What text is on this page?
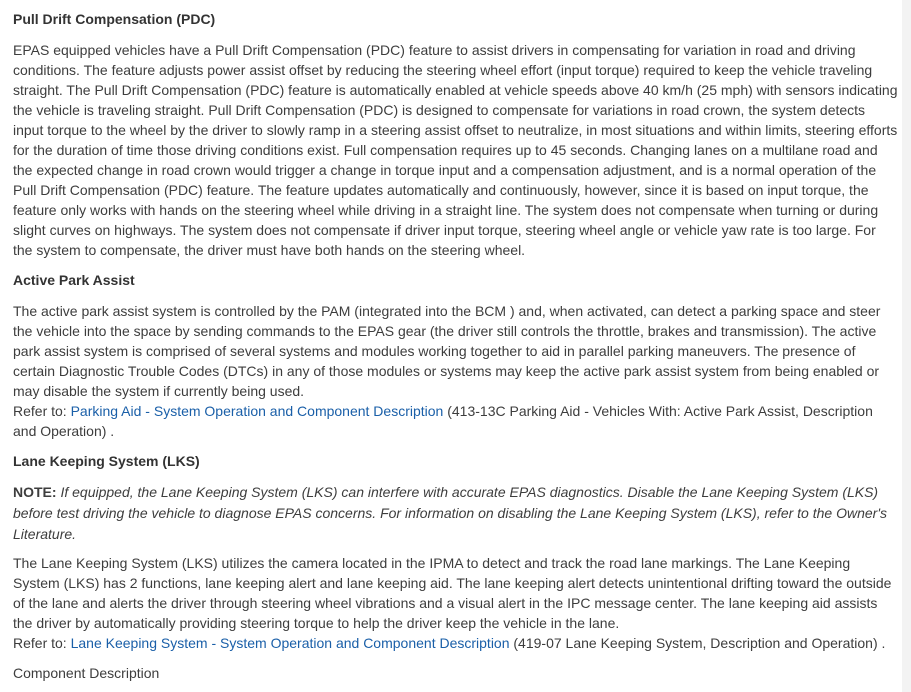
Pull Drift Compensation (PDC)

EPAS equipped vehicles have a Pull Drift Compensation (PDC) feature to assist drivers in compensating for variation in road and driving conditions. The feature adjusts power assist offset by reducing the steering wheel effort (input torque) required to keep the vehicle traveling straight. The Pull Drift Compensation (PDC) feature is automatically enabled at vehicle speeds above 40 km/h (25 mph) with sensors indicating the vehicle is traveling straight. Pull Drift Compensation (PDC) is designed to compensate for variations in road crown, the system detects input torque to the wheel by the driver to slowly ramp in a steering assist offset to neutralize, in most situations and within limits, steering efforts for the duration of time those driving conditions exist. Full compensation requires up to 45 seconds. Changing lanes on a multilane road and the expected change in road crown would trigger a change in torque input and a compensation adjustment, and is a normal operation of the Pull Drift Compensation (PDC) feature. The feature updates automatically and continuously, however, since it is based on input torque, the feature only works with hands on the steering wheel while driving in a straight line. The system does not compensate when turning or during slight curves on highways. The system does not compensate if driver input torque, steering wheel angle or vehicle yaw rate is too large. For the system to compensate, the driver must have both hands on the steering wheel.

Active Park Assist

The active park assist system is controlled by the PAM (integrated into the BCM ) and, when activated, can detect a parking space and steer the vehicle into the space by sending commands to the EPAS gear (the driver still controls the throttle, brakes and transmission). The active park assist system is comprised of several systems and modules working together to aid in parallel parking maneuvers. The presence of certain Diagnostic Trouble Codes (DTCs) in any of those modules or systems may keep the active park assist system from being enabled or may disable the system if currently being used.

Refer to: Parking Aid - System Operation and Component Description (413-13C Parking Aid - Vehicles With: Active Park Assist, Description and Operation) .

Lane Keeping System (LKS)

NOTE: If equipped, the Lane Keeping System (LKS) can interfere with accurate EPAS diagnostics. Disable the Lane Keeping System (LKS) before test driving the vehicle to diagnose EPAS concerns. For information on disabling the Lane Keeping System (LKS), refer to the Owner's Literature.

The Lane Keeping System (LKS) utilizes the camera located in the IPMA to detect and track the road lane markings. The Lane Keeping System (LKS) has 2 functions, lane keeping alert and lane keeping aid. The lane keeping alert detects unintentional drifting toward the outside of the lane and alerts the driver through steering wheel vibrations and a visual alert in the IPC message center. The lane keeping aid assists the driver by automatically providing steering torque to help the driver keep the vehicle in the lane.

Refer to: Lane Keeping System - System Operation and Component Description (419-07 Lane Keeping System, Description and Operation) .

Component Description
